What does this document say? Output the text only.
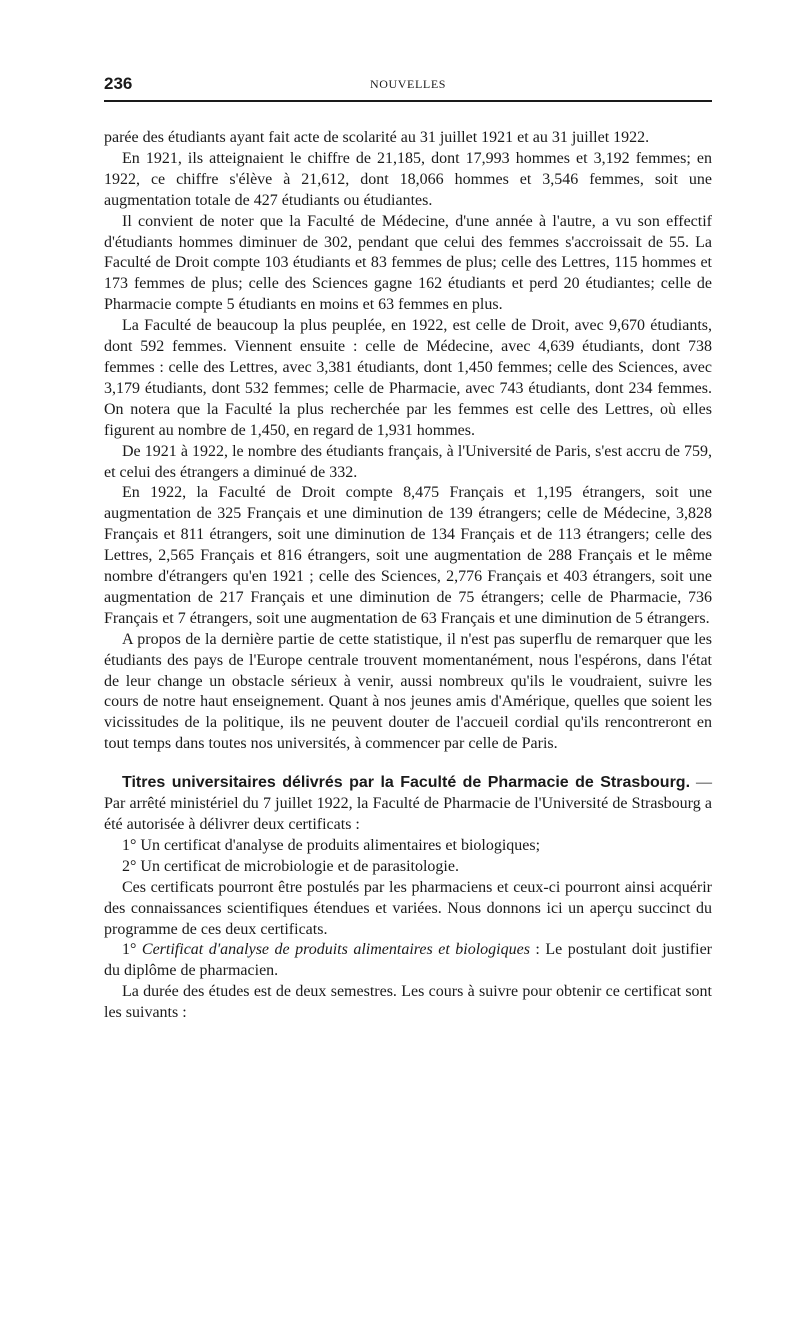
236	NOUVELLES

parée des étudiants ayant fait acte de scolarité au 31 juillet 1921 et au 31 juillet 1922.

En 1921, ils atteignaient le chiffre de 21,185, dont 17,993 hommes et 3,192 femmes; en 1922, ce chiffre s'élève à 21,612, dont 18,066 hommes et 3,546 femmes, soit une augmentation totale de 427 étudiants ou étudiantes.

Il convient de noter que la Faculté de Médecine, d'une année à l'autre, a vu son effectif d'étudiants hommes diminuer de 302, pendant que celui des femmes s'accroissait de 55. La Faculté de Droit compte 103 étudiants et 83 femmes de plus; celle des Lettres, 115 hommes et 173 femmes de plus; celle des Sciences gagne 162 étudiants et perd 20 étudiantes; celle de Pharmacie compte 5 étudiants en moins et 63 femmes en plus.

La Faculté de beaucoup la plus peuplée, en 1922, est celle de Droit, avec 9,670 étudiants, dont 592 femmes. Viennent ensuite : celle de Médecine, avec 4,639 étudiants, dont 738 femmes : celle des Lettres, avec 3,381 étudiants, dont 1,450 femmes; celle des Sciences, avec 3,179 étudiants, dont 532 femmes; celle de Pharmacie, avec 743 étudiants, dont 234 femmes. On notera que la Faculté la plus recherchée par les femmes est celle des Lettres, où elles figurent au nombre de 1,450, en regard de 1,931 hommes.

De 1921 à 1922, le nombre des étudiants français, à l'Université de Paris, s'est accru de 759, et celui des étrangers a diminué de 332.

En 1922, la Faculté de Droit compte 8,475 Français et 1,195 étrangers, soit une augmentation de 325 Français et une diminution de 139 étrangers; celle de Médecine, 3,828 Français et 811 étrangers, soit une diminution de 134 Français et de 113 étrangers; celle des Lettres, 2,565 Français et 816 étrangers, soit une augmentation de 288 Français et le même nombre d'étrangers qu'en 1921 ; celle des Sciences, 2,776 Français et 403 étrangers, soit une augmentation de 217 Français et une diminution de 75 étrangers; celle de Pharmacie, 736 Français et 7 étrangers, soit une augmentation de 63 Français et une diminution de 5 étrangers.

A propos de la dernière partie de cette statistique, il n'est pas superflu de remarquer que les étudiants des pays de l'Europe centrale trouvent momentanément, nous l'espérons, dans l'état de leur change un obstacle sérieux à venir, aussi nombreux qu'ils le voudraient, suivre les cours de notre haut enseignement. Quant à nos jeunes amis d'Amérique, quelles que soient les vicissitudes de la politique, ils ne peuvent douter de l'accueil cordial qu'ils rencontreront en tout temps dans toutes nos universités, à commencer par celle de Paris.

Titres universitaires délivrés par la Faculté de Pharmacie de Strasbourg. — Par arrêté ministériel du 7 juillet 1922, la Faculté de Pharmacie de l'Université de Strasbourg a été autorisée à délivrer deux certificats :

1° Un certificat d'analyse de produits alimentaires et biologiques;

2° Un certificat de microbiologie et de parasitologie.

Ces certificats pourront être postulés par les pharmaciens et ceux-ci pourront ainsi acquérir des connaissances scientifiques étendues et variées. Nous donnons ici un aperçu succinct du programme de ces deux certificats.

1° Certificat d'analyse de produits alimentaires et biologiques : Le postulant doit justifier du diplôme de pharmacien.

La durée des études est de deux semestres. Les cours à suivre pour obtenir ce certificat sont les suivants :
